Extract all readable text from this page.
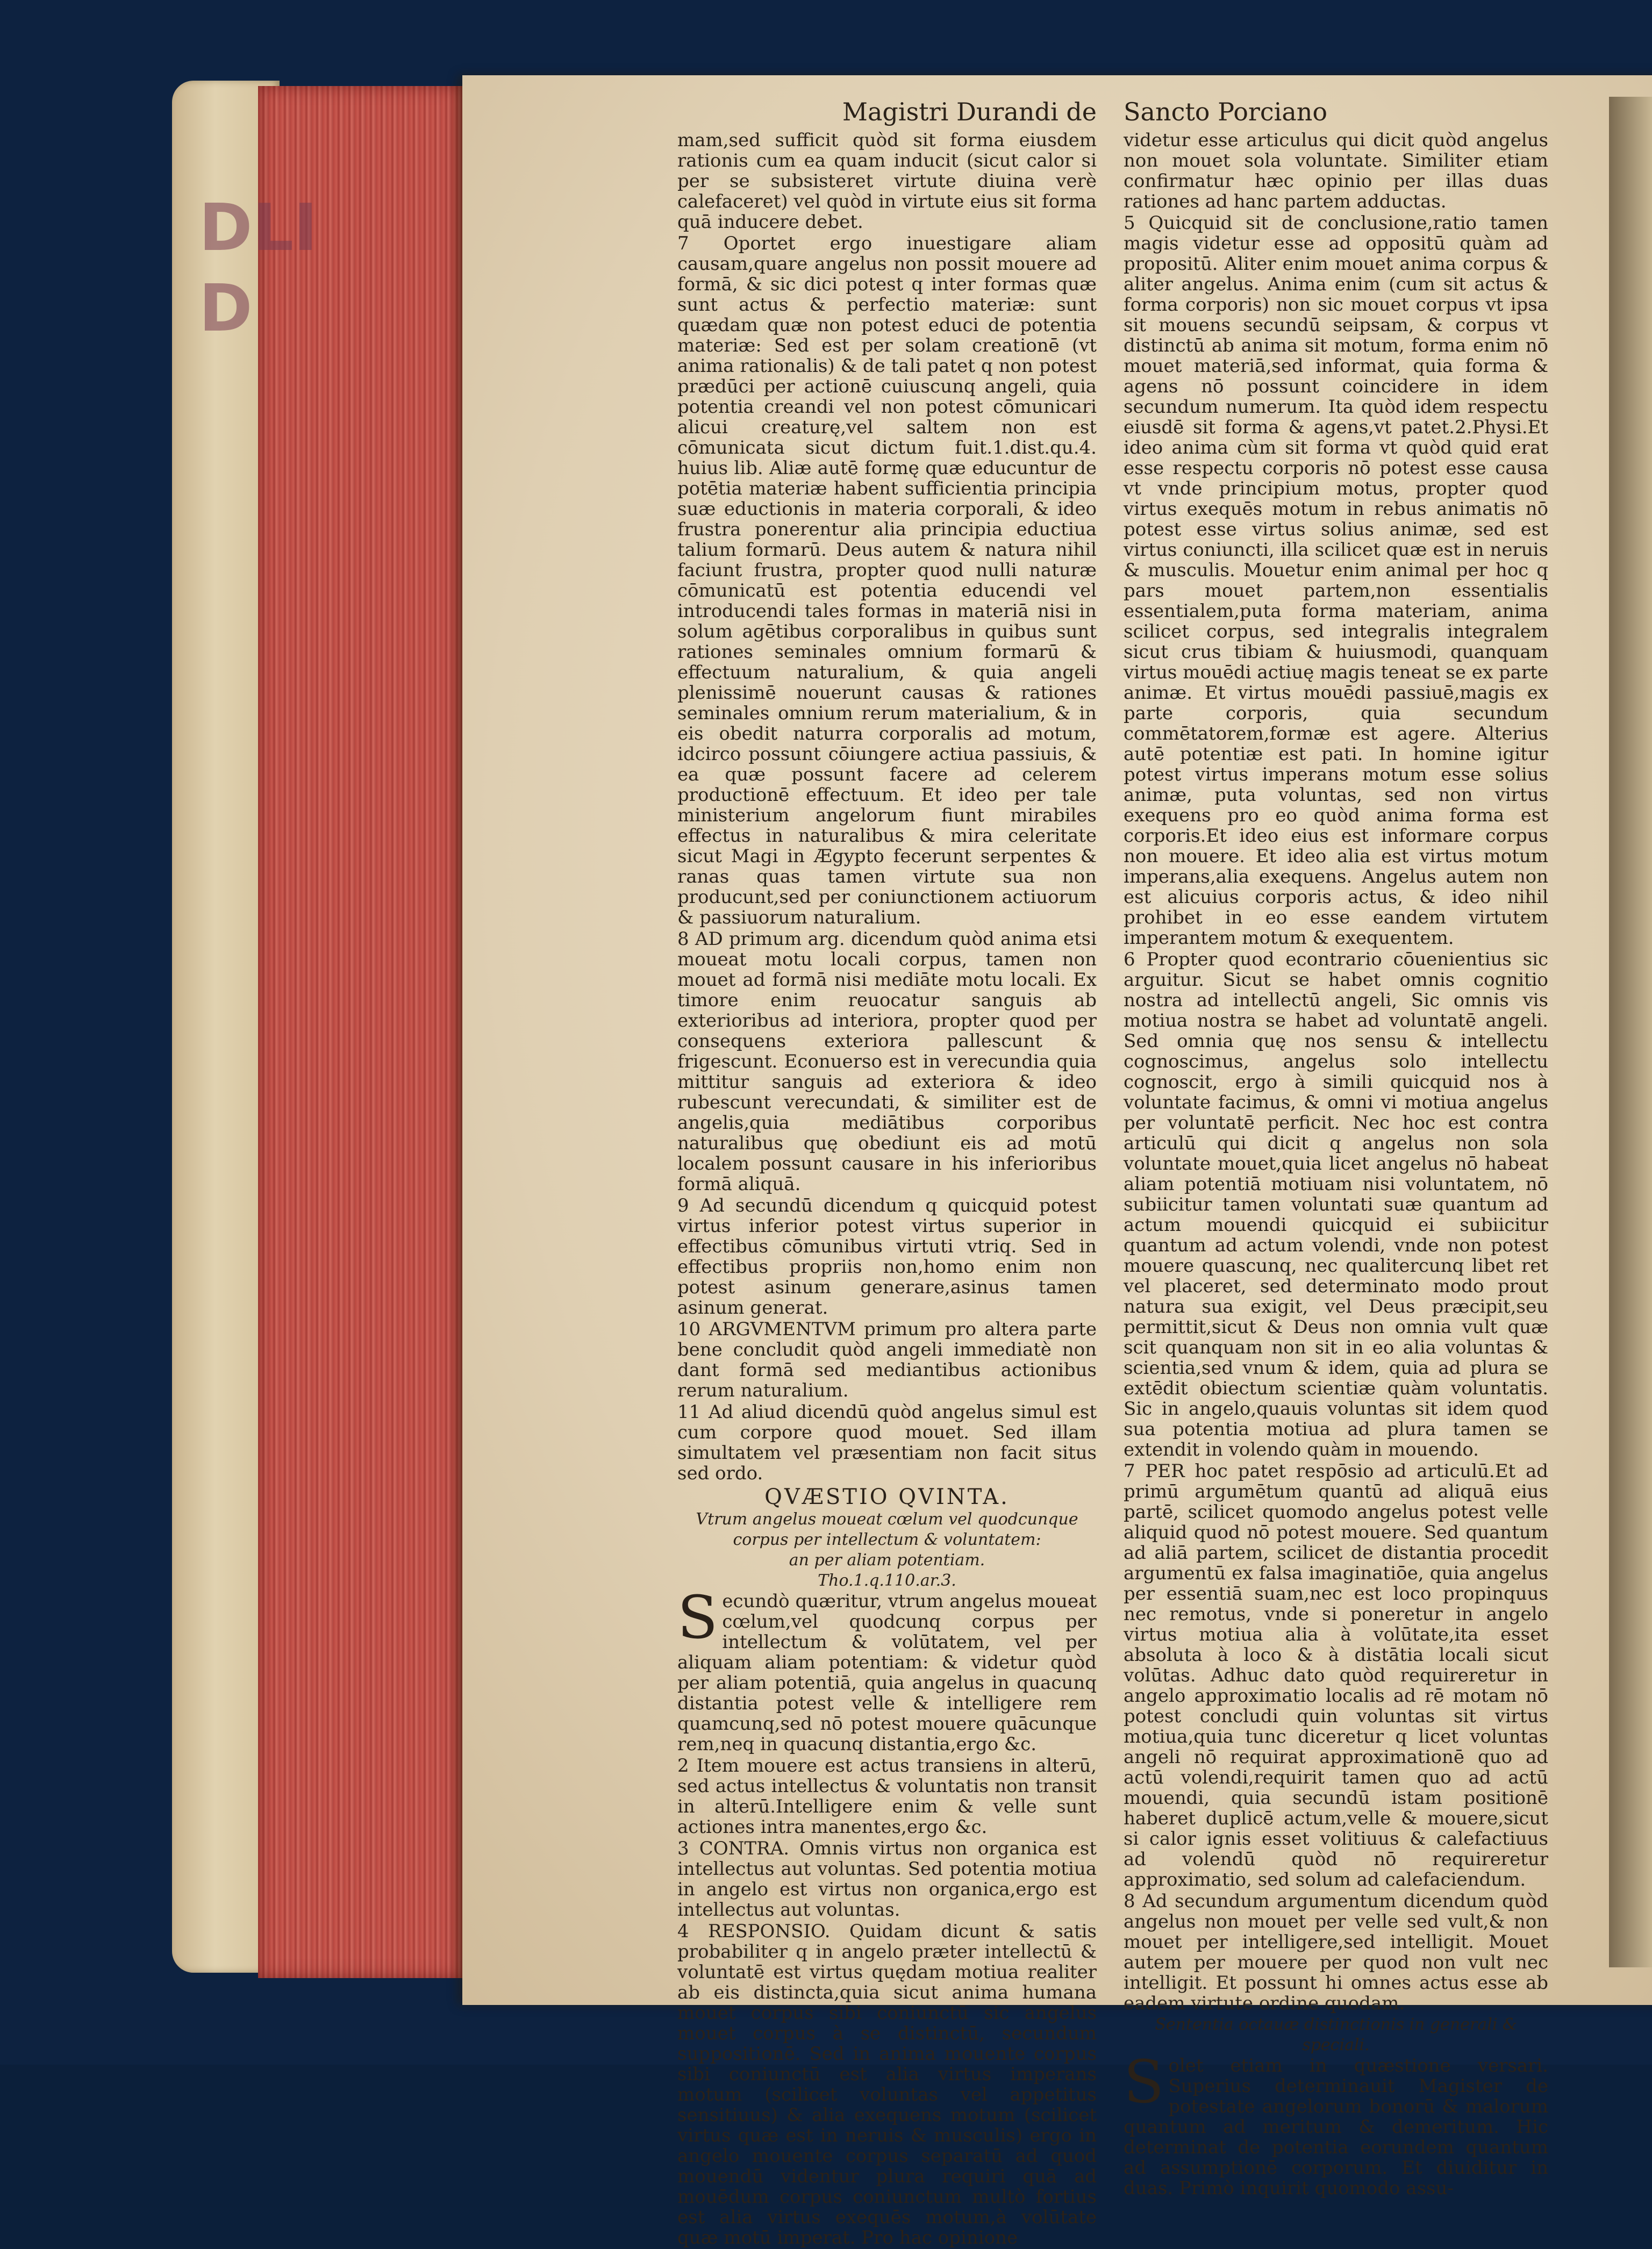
DLI
D
Magistri Durandi de

mam,sed sufficit quòd sit forma eiusdem rationis cum ea quam inducit (sicut calor si per se subsisteret virtute diuina verè calefaceret) vel quòd in virtute eius sit forma quā inducere debet.

7 Oportet ergo inuestigare aliam causam,quare angelus non possit mouere ad formā, & sic dici potest q inter formas quæ sunt actus & perfectio materiæ: sunt quædam quæ non potest educi de potentia materiæ: Sed est per solam creationē (vt anima rationalis) & de tali patet q non potest prædūci per actionē cuiuscunq angeli, quia potentia creandi vel non potest cōmunicari alicui creaturę,vel saltem non est cōmunicata sicut dictum fuit.1.dist.qu.4. huius lib. Aliæ autē formę quæ educuntur de potētia materiæ habent sufficientia principia suæ eductionis in materia corporali, & ideo frustra ponerentur alia principia eductiua talium formarū. Deus autem & natura nihil faciunt frustra, propter quod nulli naturæ cōmunicatū est potentia educendi vel introducendi tales formas in materiā nisi in solum agētibus corporalibus in quibus sunt rationes seminales omnium formarū & effectuum naturalium, & quia angeli plenissimē nouerunt causas & rationes seminales omnium rerum materialium, & in eis obedit naturra corporalis ad motum, idcirco possunt cōiungere actiua passiuis, & ea quæ possunt facere ad celerem productionē effectuum. Et ideo per tale ministerium angelorum fiunt mirabiles effectus in naturalibus & mira celeritate sicut Magi in Ægypto fecerunt serpentes & ranas quas tamen virtute sua non producunt,sed per coniunctionem actiuorum & passiuorum naturalium.

8 AD primum arg. dicendum quòd anima etsi moueat motu locali corpus, tamen non mouet ad formā nisi mediāte motu locali. Ex timore enim reuocatur sanguis ab exterioribus ad interiora, propter quod per consequens exteriora pallescunt & frigescunt. Econuerso est in verecundia quia mittitur sanguis ad exteriora & ideo rubescunt verecundati, & similiter est de angelis,quia mediātibus corporibus naturalibus quę obediunt eis ad motū localem possunt causare in his inferioribus formā aliquā.

9 Ad secundū dicendum q quicquid potest virtus inferior potest virtus superior in effectibus cōmunibus virtuti vtriq. Sed in effectibus propriis non,homo enim non potest asinum generare,asinus tamen asinum generat.

10 ARGVMENTVM primum pro altera parte bene concludit quòd angeli immediatè non dant formā sed mediantibus actionibus rerum naturalium.

11 Ad aliud dicendū quòd angelus simul est cum corpore quod mouet. Sed illam simultatem vel præsentiam non facit situs sed ordo.

QVÆSTIO QVINTA.
Vtrum angelus moueat cœlum vel quodcunque corpus per intellectum & voluntatem:
an per aliam potentiam.
Tho.1.q.110.ar.3.

Secundò quæritur, vtrum angelus moueat cœlum,vel quodcunq corpus per intellectum & volūtatem, vel per aliquam aliam potentiam: & videtur quòd per aliam potentiā, quia angelus in quacunq distantia potest velle & intelligere rem quamcunq,sed nō potest mouere quācunque rem,neq in quacunq distantia,ergo &c.

2 Item mouere est actus transiens in alterū, sed actus intellectus & voluntatis non transit in alterū.Intelligere enim & velle sunt actiones intra manentes,ergo &c.

3 CONTRA. Omnis virtus non organica est intellectus aut voluntas. Sed potentia motiua in angelo est virtus non organica,ergo est intellectus aut voluntas.

4 RESPONSIO. Quidam dicunt & satis probabiliter q in angelo præter intellectū & voluntatē est virtus quędam motiua realiter ab eis distincta,quia sicut anima humana mouet corpus sibi coniunctū sic angelus mouet corpus à se distinctū, secundum suppositionē. Sed in anima mouente corpus sibi coniunctū est alia virtus imperans motum (scilicet voluntas vel appetitus sensitiuus) & alia exequens motum (scilicet virtus quæ est in neruis & musculis) ergo in angelo mouente corpus separatū ad quod mouendū videntur plura requiri quā ad mouēdum corpus coniunctum multò fortius est alia virtus exequēs motum,à volūtate quæ motū imperat. Pro hac opinione

Sancto Porciano

videtur esse articulus qui dicit quòd angelus non mouet sola voluntate. Similiter etiam confirmatur hæc opinio per illas duas rationes ad hanc partem adductas.

5 Quicquid sit de conclusione,ratio tamen magis videtur esse ad oppositū quàm ad propositū. Aliter enim mouet anima corpus & aliter angelus. Anima enim (cum sit actus & forma corporis) non sic mouet corpus vt ipsa sit mouens secundū seipsam, & corpus vt distinctū ab anima sit motum, forma enim nō mouet materiā,sed informat, quia forma & agens nō possunt coincidere in idem secundum numerum. Ita quòd idem respectu eiusdē sit forma & agens,vt patet.2.Physi.Et ideo anima cùm sit forma vt quòd quid erat esse respectu corporis nō potest esse causa vt vnde principium motus, propter quod virtus exequēs motum in rebus animatis nō potest esse virtus solius animæ, sed est virtus coniuncti, illa scilicet quæ est in neruis & musculis. Mouetur enim animal per hoc q pars mouet partem,non essentialis essentialem,puta forma materiam, anima scilicet corpus, sed integralis integralem sicut crus tibiam & huiusmodi, quanquam virtus mouēdi actiuę magis teneat se ex parte animæ. Et virtus mouēdi passiuē,magis ex parte corporis, quia secundum commētatorem,formæ est agere. Alterius autē potentiæ est pati. In homine igitur potest virtus imperans motum esse solius animæ, puta voluntas, sed non virtus exequens pro eo quòd anima forma est corporis.Et ideo eius est informare corpus non mouere. Et ideo alia est virtus motum imperans,alia exequens. Angelus autem non est alicuius corporis actus, & ideo nihil prohibet in eo esse eandem virtutem imperantem motum & exequentem.

6 Propter quod econtrario cōuenientius sic arguitur. Sicut se habet omnis cognitio nostra ad intellectū angeli, Sic omnis vis motiua nostra se habet ad voluntatē angeli. Sed omnia quę nos sensu & intellectu cognoscimus, angelus solo intellectu cognoscit, ergo à simili quicquid nos à voluntate facimus, & omni vi motiua angelus per voluntatē perficit. Nec hoc est contra articulū qui dicit q angelus non sola voluntate mouet,quia licet angelus nō habeat aliam potentiā motiuam nisi voluntatem, nō subiicitur tamen voluntati suæ quantum ad actum mouendi quicquid ei subiicitur quantum ad actum volendi, vnde non potest mouere quascunq, nec qualitercunq libet ret vel placeret, sed determinato modo prout natura sua exigit, vel Deus præcipit,seu permittit,sicut & Deus non omnia vult quæ scit quanquam non sit in eo alia voluntas & scientia,sed vnum & idem, quia ad plura se extēdit obiectum scientiæ quàm voluntatis. Sic in angelo,quauis voluntas sit idem quod sua potentia motiua ad plura tamen se extendit in volendo quàm in mouendo.

7 PER hoc patet respōsio ad articulū.Et ad primū argumētum quantū ad aliquā eius partē, scilicet quomodo angelus potest velle aliquid quod nō potest mouere. Sed quantum ad aliā partem, scilicet de distantia procedit argumentū ex falsa imaginatiōe, quia angelus per essentiā suam,nec est loco propinquus nec remotus, vnde si poneretur in angelo virtus motiua alia à volūtate,ita esset absoluta à loco & à distātia locali sicut volūtas. Adhuc dato quòd requireretur in angelo approximatio localis ad rē motam nō potest concludi quin voluntas sit virtus motiua,quia tunc diceretur q licet voluntas angeli nō requirat approximationē quo ad actū volendi,requirit tamen quo ad actū mouendi, quia secundū istam positionē haberet duplicē actum,velle & mouere,sicut si calor ignis esset volitiuus & calefactiuus ad volendū quòd nō requireretur approximatio, sed solum ad calefaciendum.

8 Ad secundum argumentum dicendum quòd angelus non mouet per velle sed vult,& non mouet per intelligere,sed intelligit. Mouet autem per mouere per quod non vult nec intelligit. Et possunt hi omnes actus esse ab eadem virtute ordine quodam.

Sententia octauæ distinctionis in generali & speciali.

Solet etiam in quæstione versari. Superius determinauit Magister de potestate angelorum bonorū & malorum quantum ad meritum & demeritum. Hic determinat de potentia eorundem quantum ad assumptionē corporum. Et diuiditur in duas. Primò inquirit quomodo assu-
